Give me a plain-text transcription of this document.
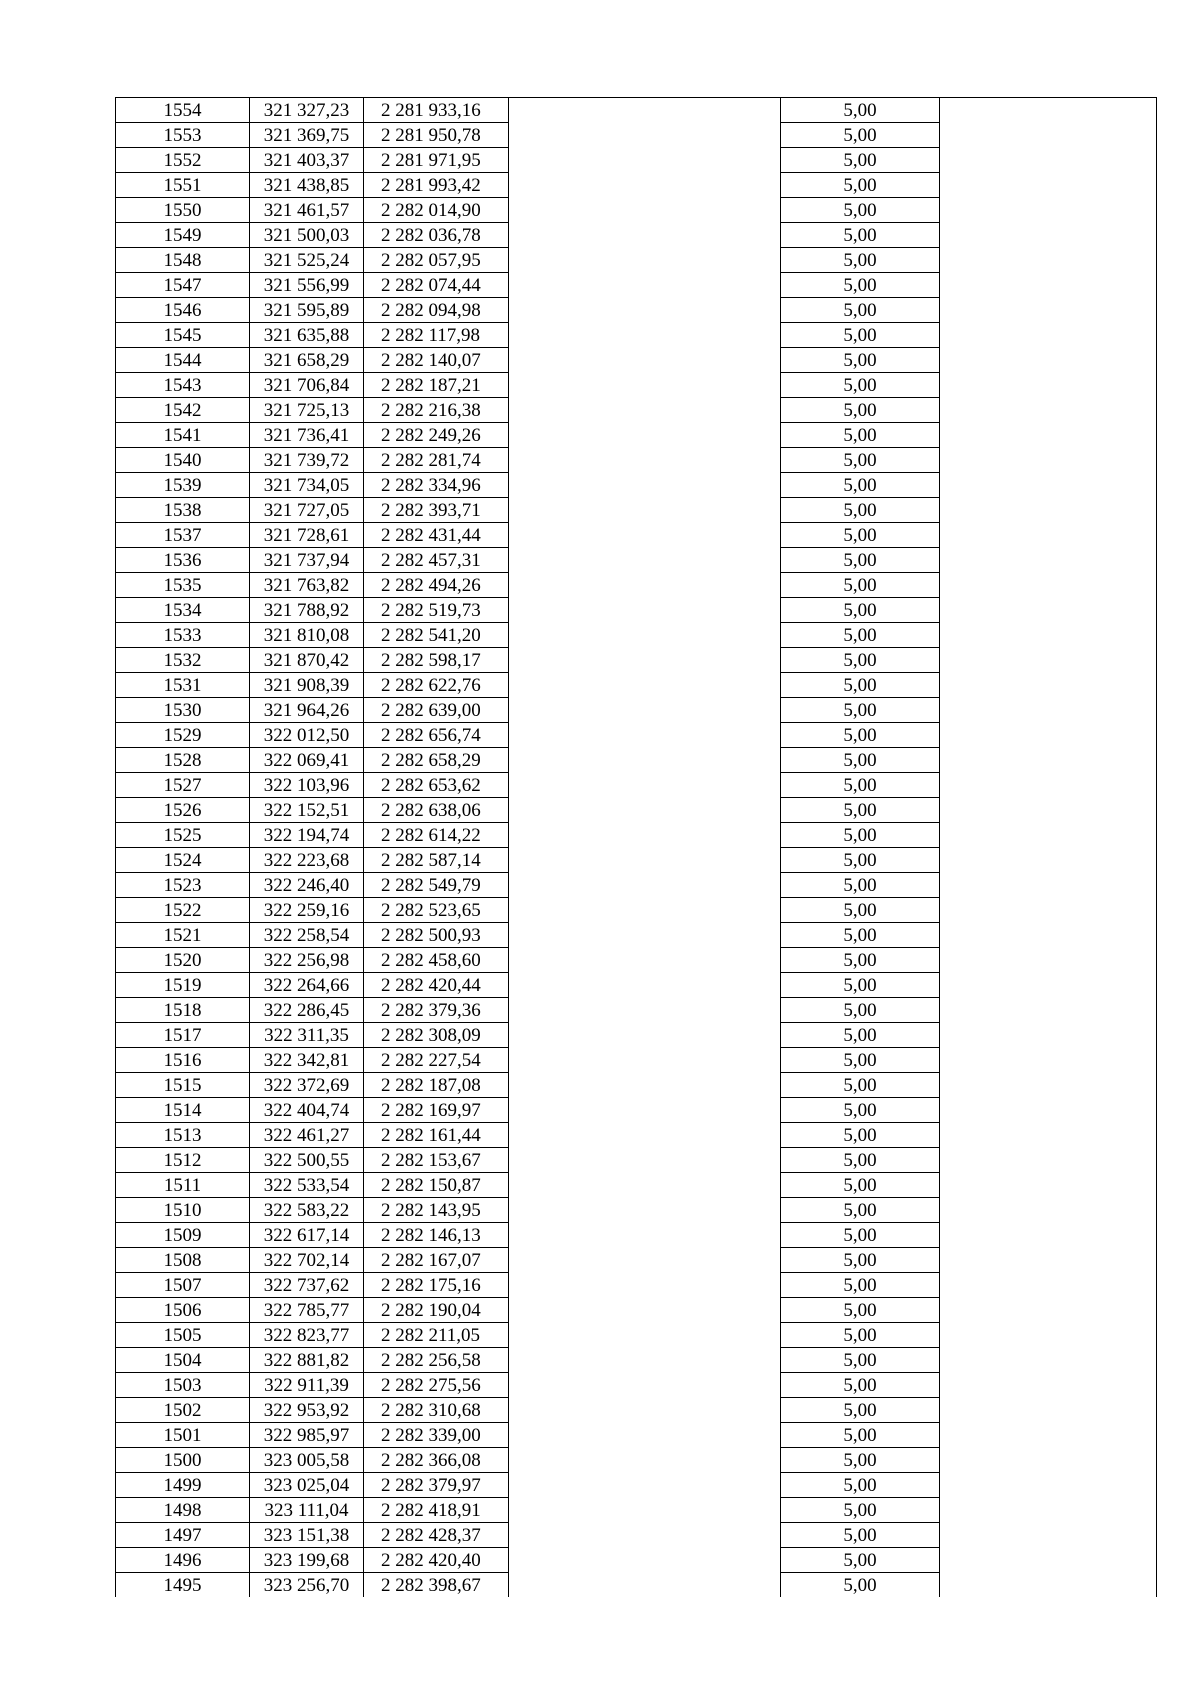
1554	321 327,23	2 281 933,16		5,00	
1553	321 369,75	2 281 950,78		5,00	
1552	321 403,37	2 281 971,95		5,00	
1551	321 438,85	2 281 993,42		5,00	
1550	321 461,57	2 282 014,90		5,00	
1549	321 500,03	2 282 036,78		5,00	
1548	321 525,24	2 282 057,95		5,00	
1547	321 556,99	2 282 074,44		5,00	
1546	321 595,89	2 282 094,98		5,00	
1545	321 635,88	2 282 117,98		5,00	
1544	321 658,29	2 282 140,07		5,00	
1543	321 706,84	2 282 187,21		5,00	
1542	321 725,13	2 282 216,38		5,00	
1541	321 736,41	2 282 249,26		5,00	
1540	321 739,72	2 282 281,74		5,00	
1539	321 734,05	2 282 334,96		5,00	
1538	321 727,05	2 282 393,71		5,00	
1537	321 728,61	2 282 431,44		5,00	
1536	321 737,94	2 282 457,31		5,00	
1535	321 763,82	2 282 494,26		5,00	
1534	321 788,92	2 282 519,73		5,00	
1533	321 810,08	2 282 541,20		5,00	
1532	321 870,42	2 282 598,17		5,00	
1531	321 908,39	2 282 622,76		5,00	
1530	321 964,26	2 282 639,00		5,00	
1529	322 012,50	2 282 656,74		5,00	
1528	322 069,41	2 282 658,29		5,00	
1527	322 103,96	2 282 653,62		5,00	
1526	322 152,51	2 282 638,06		5,00	
1525	322 194,74	2 282 614,22		5,00	
1524	322 223,68	2 282 587,14		5,00	
1523	322 246,40	2 282 549,79		5,00	
1522	322 259,16	2 282 523,65		5,00	
1521	322 258,54	2 282 500,93		5,00	
1520	322 256,98	2 282 458,60		5,00	
1519	322 264,66	2 282 420,44		5,00	
1518	322 286,45	2 282 379,36		5,00	
1517	322 311,35	2 282 308,09		5,00	
1516	322 342,81	2 282 227,54		5,00	
1515	322 372,69	2 282 187,08		5,00	
1514	322 404,74	2 282 169,97		5,00	
1513	322 461,27	2 282 161,44		5,00	
1512	322 500,55	2 282 153,67		5,00	
1511	322 533,54	2 282 150,87		5,00	
1510	322 583,22	2 282 143,95		5,00	
1509	322 617,14	2 282 146,13		5,00	
1508	322 702,14	2 282 167,07		5,00	
1507	322 737,62	2 282 175,16		5,00	
1506	322 785,77	2 282 190,04		5,00	
1505	322 823,77	2 282 211,05		5,00	
1504	322 881,82	2 282 256,58		5,00	
1503	322 911,39	2 282 275,56		5,00	
1502	322 953,92	2 282 310,68		5,00	
1501	322 985,97	2 282 339,00		5,00	
1500	323 005,58	2 282 366,08		5,00	
1499	323 025,04	2 282 379,97		5,00	
1498	323 111,04	2 282 418,91		5,00	
1497	323 151,38	2 282 428,37		5,00	
1496	323 199,68	2 282 420,40		5,00	
1495	323 256,70	2 282 398,67		5,00	
